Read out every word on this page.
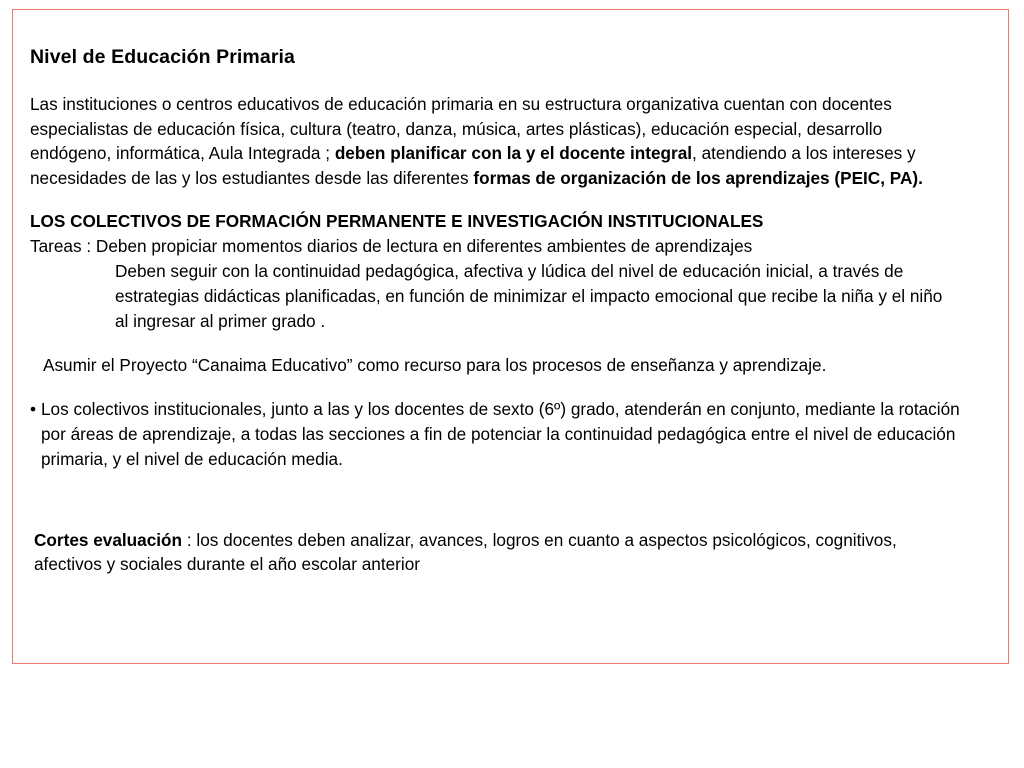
Nivel de Educación Primaria

Las instituciones o centros educativos de educación primaria en su estructura organizativa cuentan con docentes especialistas de educación física, cultura (teatro, danza, música, artes plásticas), educación especial, desarrollo endógeno, informática, Aula Integrada ; deben planificar con la y el docente integral, atendiendo a los intereses y necesidades de las y los estudiantes desde las diferentes formas de organización de los aprendizajes (PEIC, PA).

LOS COLECTIVOS DE FORMACIÓN PERMANENTE E INVESTIGACIÓN INSTITUCIONALES

Tareas : Deben propiciar momentos diarios de lectura en diferentes ambientes de aprendizajes

Deben seguir con la continuidad pedagógica, afectiva y lúdica del nivel de educación inicial, a través de estrategias didácticas planificadas, en función de minimizar el impacto emocional que recibe la niña y el niño al ingresar al primer grado .

Asumir el Proyecto “Canaima Educativo” como recurso para los procesos de enseñanza y aprendizaje.

• Los colectivos institucionales, junto a las y los docentes de sexto (6º) grado, atenderán en conjunto, mediante la rotación por áreas de aprendizaje, a todas las secciones a fin de potenciar la continuidad pedagógica entre el nivel de educación primaria, y el nivel de educación media.

Cortes evaluación : los docentes deben analizar, avances, logros en cuanto a aspectos psicológicos, cognitivos, afectivos y sociales durante el año escolar anterior
